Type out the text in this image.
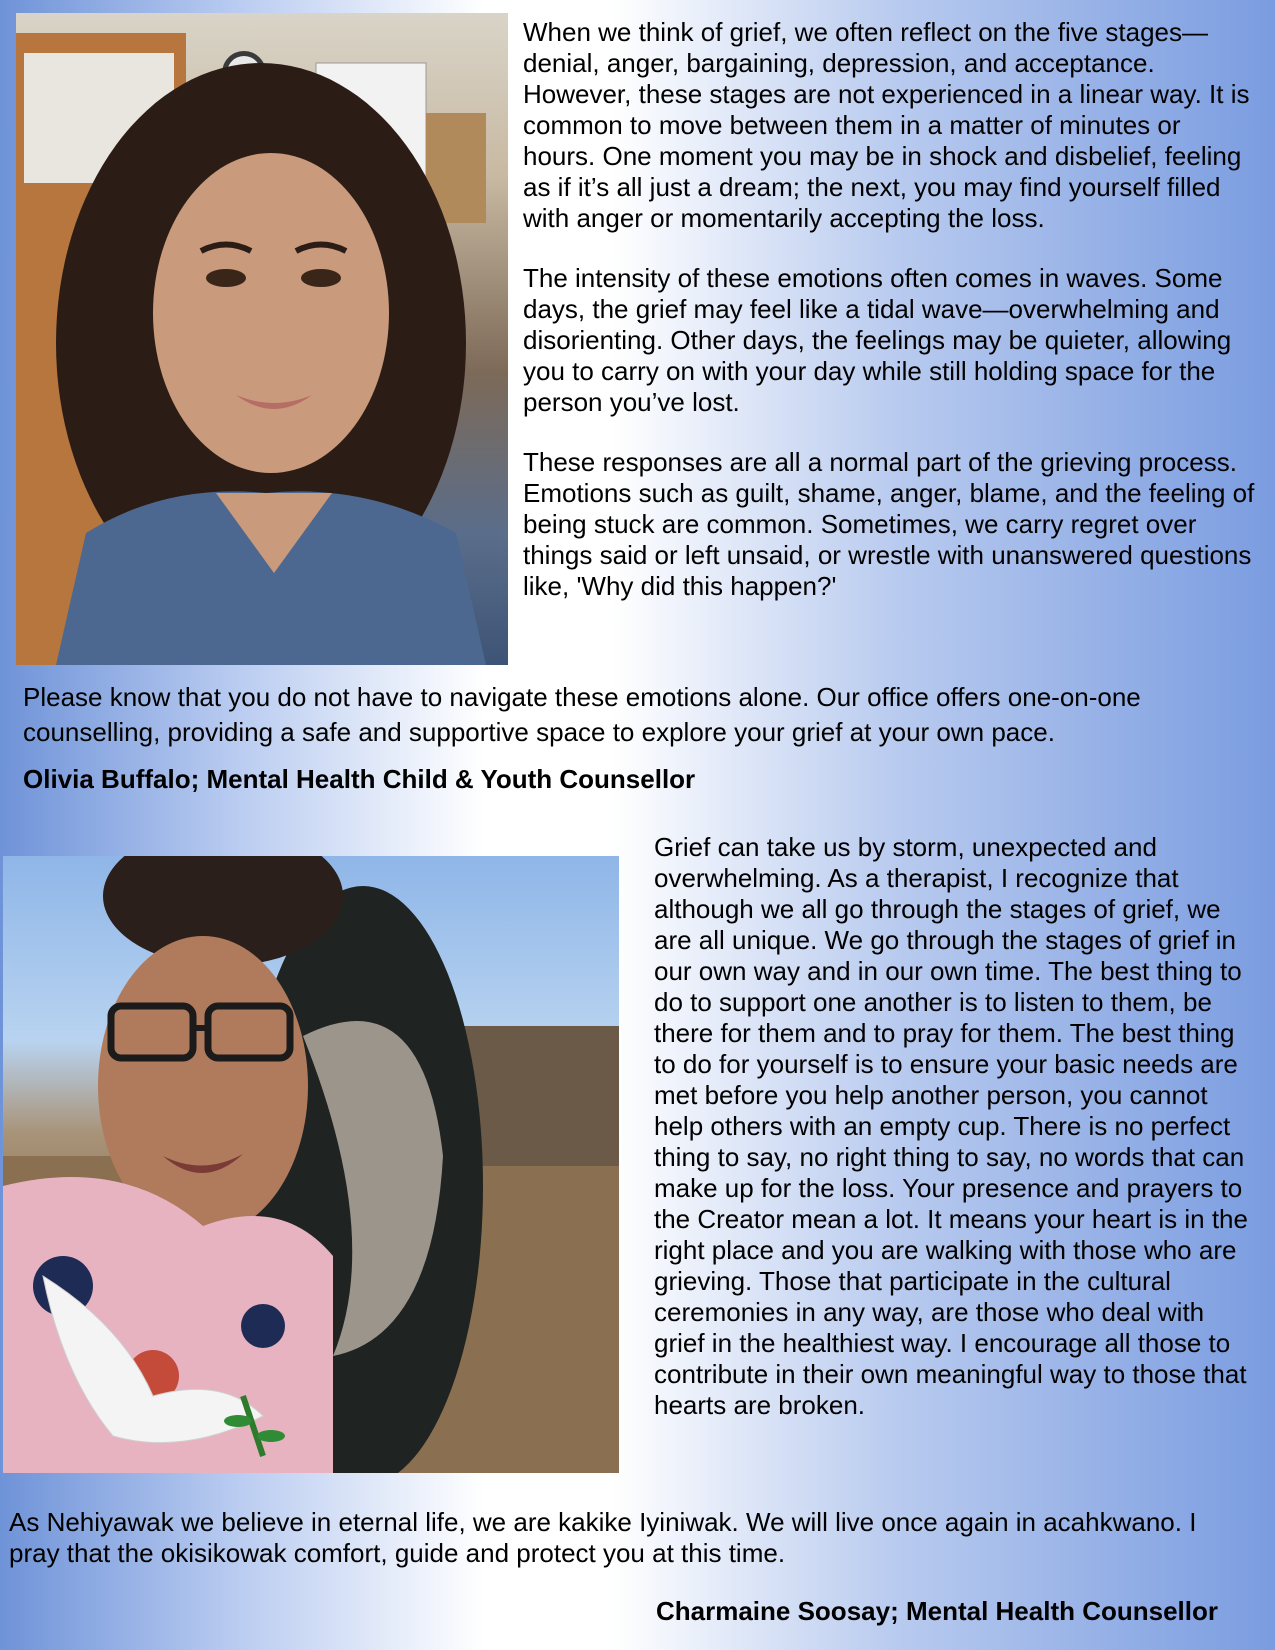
When we think of grief, we often reflect on the five stages—denial, anger, bargaining, depression, and acceptance. However, these stages are not experienced in a linear way. It is common to move between them in a matter of minutes or hours. One moment you may be in shock and disbelief, feeling as if it’s all just a dream; the next, you may find yourself filled with anger or momentarily accepting the loss.

The intensity of these emotions often comes in waves. Some days, the grief may feel like a tidal wave—overwhelming and disorienting. Other days, the feelings may be quieter, allowing you to carry on with your day while still holding space for the person you’ve lost.

These responses are all a normal part of the grieving process. Emotions such as guilt, shame, anger, blame, and the feeling of being stuck are common. Sometimes, we carry regret over things said or left unsaid, or wrestle with unanswered questions like, 'Why did this happen?'

Please know that you do not have to navigate these emotions alone. Our office offers one-on-one counselling, providing a safe and supportive space to explore your grief at your own pace.
Olivia Buffalo; Mental Health Child & Youth Counsellor

Grief can take us by storm, unexpected and overwhelming. As a therapist, I recognize that although we all go through the stages of grief, we are all unique. We go through the stages of grief in our own way and in our own time. The best thing to do to support one another is to listen to them, be there for them and to pray for them. The best thing to do for yourself is to ensure your basic needs are met before you help another person, you cannot help others with an empty cup. There is no perfect thing to say, no right thing to say, no words that can make up for the loss. Your presence and prayers to the Creator mean a lot. It means your heart is in the right place and you are walking with those who are grieving. Those that participate in the cultural ceremonies in any way, are those who deal with grief in the healthiest way. I encourage all those to contribute in their own meaningful way to those that hearts are broken.

As Nehiyawak we believe in eternal life, we are kakike Iyiniwak. We will live once again in acahkwano. I pray that the okisikowak comfort, guide and protect you at this time.
Charmaine Soosay; Mental Health Counsellor
